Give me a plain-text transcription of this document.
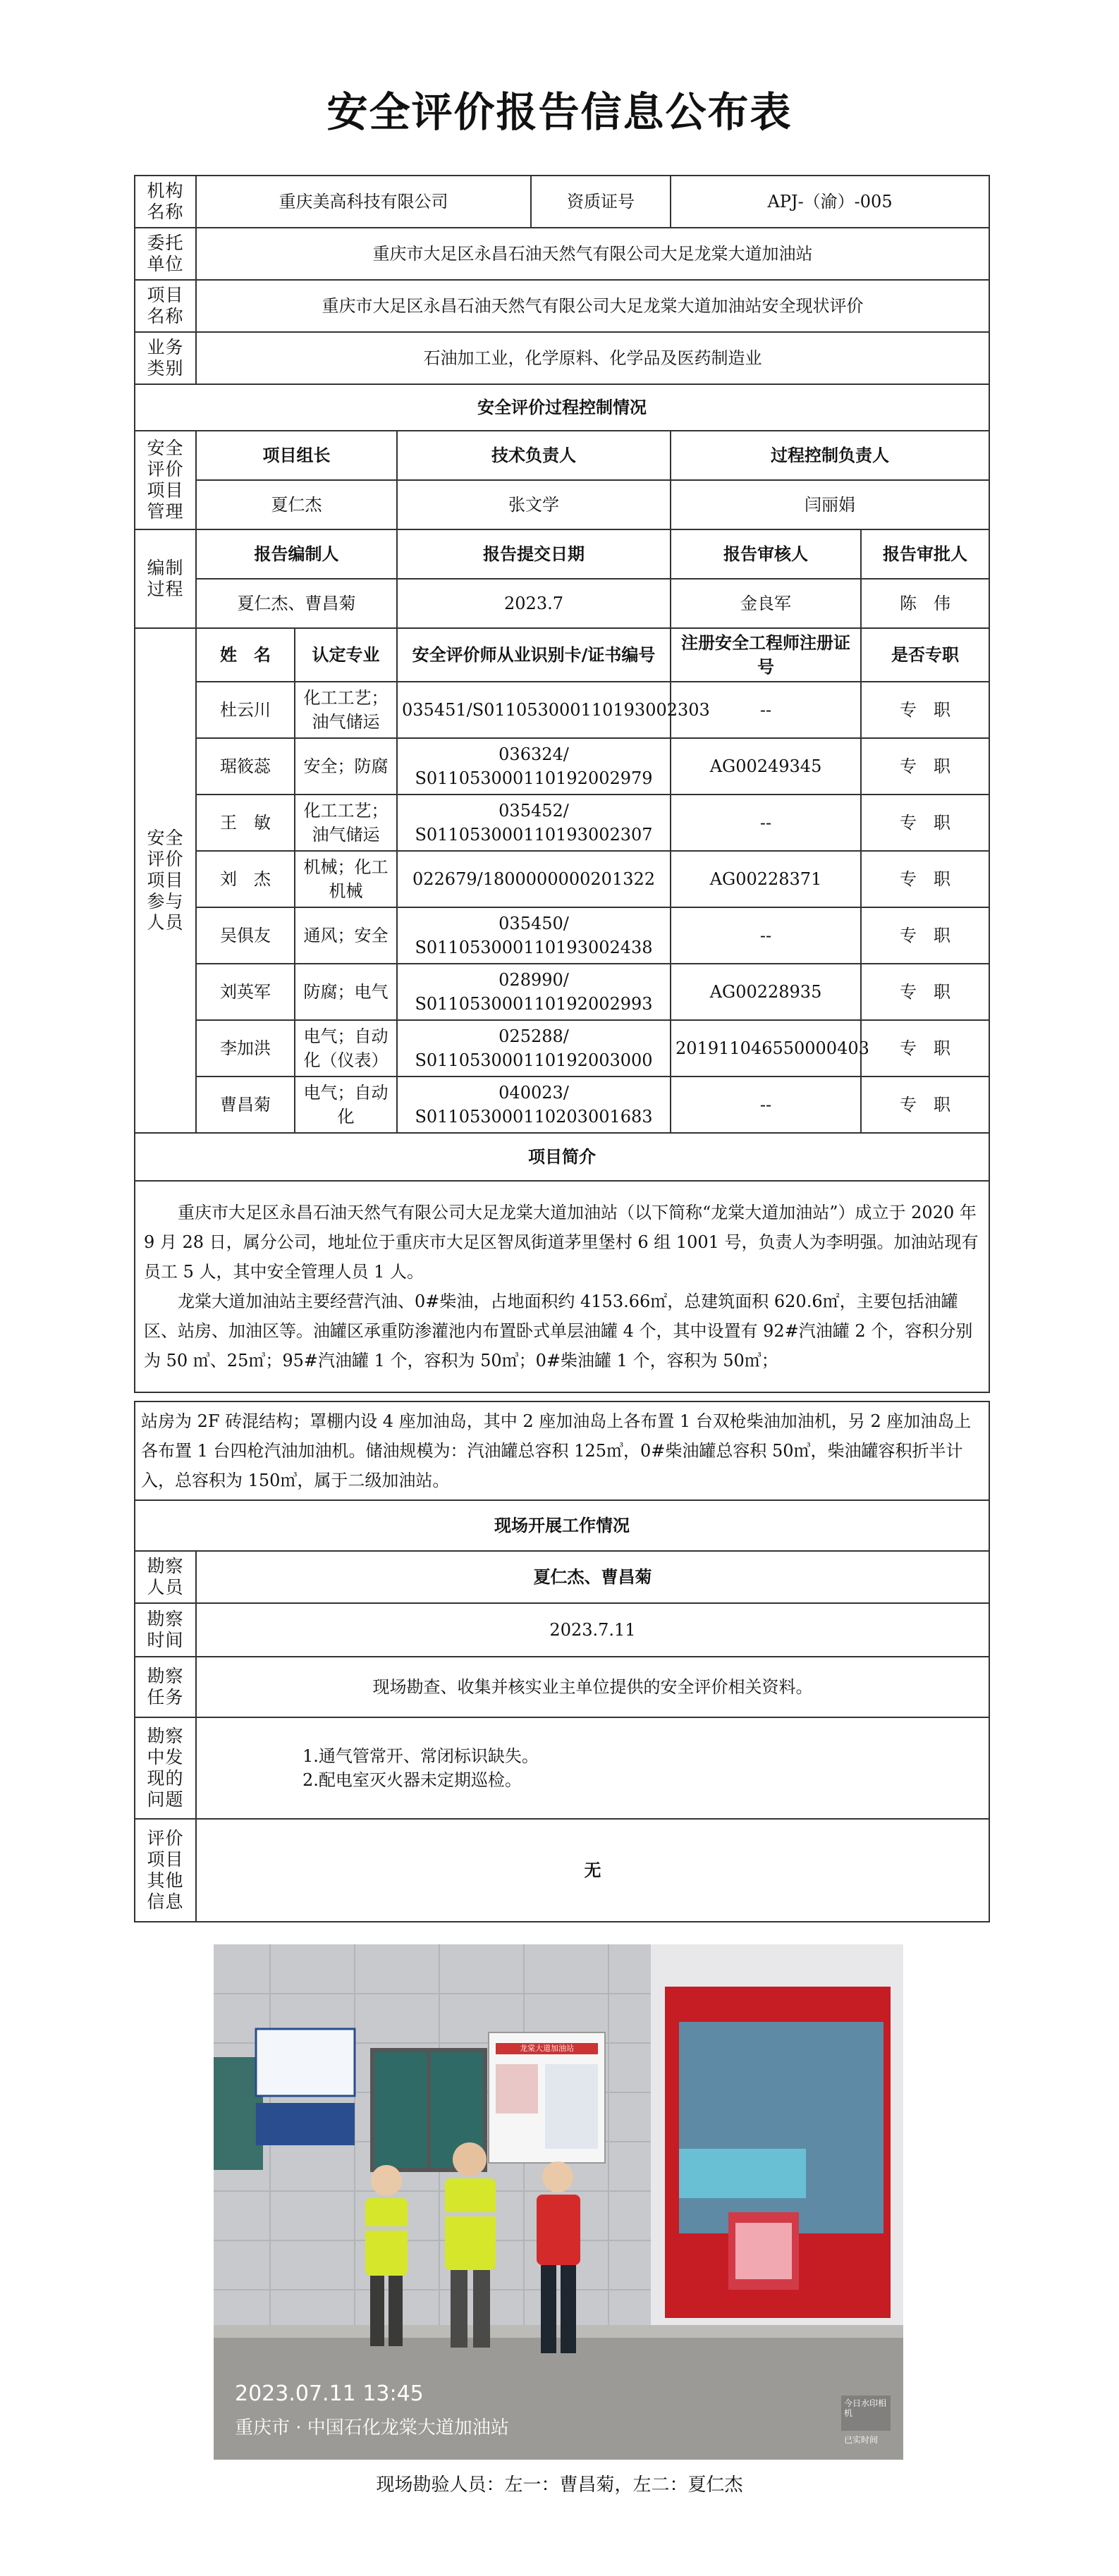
安全评价报告信息公布表
机构名称	重庆美高科技有限公司			资质证号	APJ-（渝）-005	
委托单位	重庆市大足区永昌石油天然气有限公司大足龙棠大道加油站					
项目名称	重庆市大足区永昌石油天然气有限公司大足龙棠大道加油站安全现状评价					
业务类别	石油加工业，化学原料、化学品及医药制造业					
安全评价过程控制情况						
安全评价项目管理	项目组长		技术负责人		过程控制负责人	
	夏仁杰		张文学		闫丽娟	
编制过程	报告编制人		报告提交日期		报告审核人	报告审批人
	夏仁杰、曹昌菊		2023.7		金良军	陈　伟
安全评价项目参与人员	姓　名	认定专业	安全评价师从业识别卡/证书编号		注册安全工程师注册证号	是否专职
	杜云川	化工工艺；油气储运	035451/S011053000110193002303		--	专　职
	琚筱蕊	安全；防腐	036324/ S011053000110192002979		AG00249345	专　职
	王　敏	化工工艺；油气储运	035452/ S011053000110193002307		--	专　职
	刘　杰	机械；化工机械	022679/1800000000201322		AG00228371	专　职
	吴俱友	通风；安全	035450/ S011053000110193002438		--	专　职
	刘英军	防腐；电气	028990/ S011053000110192002993		AG00228935	专　职
	李加洪	电气；自动化（仪表）	025288/ S011053000110192003000		201911046550000403	专　职
	曹昌菊	电气；自动化	040023/ S011053000110203001683		--	专　职
项目简介						

重庆市大足区永昌石油天然气有限公司大足龙棠大道加油站（以下简称“龙棠大道加油站”）成立于 2020 年 9 月 28 日，属分公司，地址位于重庆市大足区智凤街道茅里堡村 6 组 1001 号，负责人为李明强。加油站现有员工 5 人，其中安全管理人员 1 人。

龙棠大道加油站主要经营汽油、0#柴油，占地面积约 4153.66㎡，总建筑面积 620.6㎡，主要包括油罐区、站房、加油区等。油罐区承重防渗灌池内布置卧式单层油罐 4 个，其中设置有 92#汽油罐 2 个，容积分别为 50 ㎥、25㎥；95#汽油罐 1 个，容积为 50㎥；0#柴油罐 1 个，容积为 50㎥；						

站房为 2F 砖混结构；罩棚内设 4 座加油岛，其中 2 座加油岛上各布置 1 台双枪柴油加油机，另 2 座加油岛上各布置 1 台四枪汽油加油机。储油规模为：汽油罐总容积 125㎥，0#柴油罐总容积 50㎥，柴油罐容积折半计入，总容积为 150㎥，属于二级加油站。	
现场开展工作情况	
勘察人员	夏仁杰、曹昌菊
勘察时间	2023.7.11
勘察任务	现场勘查、收集并核实业主单位提供的安全评价相关资料。
勘察中发现的问题	1.通气管常开、常闭标识缺失。
2.配电室灭火器未定期巡检。

评价项目其他信息	无
龙棠大道加油站
2023.07.11 13:45
重庆市 · 中国石化龙棠大道加油站
今日水印相机
已实时间
现场勘验人员：左一：曹昌菊，左二：夏仁杰
